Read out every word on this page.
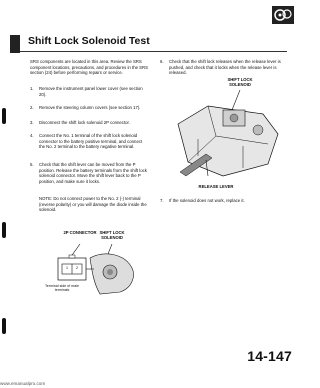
Shift Lock Solenoid Test
SRS components are located in this area. Review the SRS component locations, precautions, and procedures in the SRS section (24) before performing repairs or service.
1. Remove the instrument panel lower cover (see section 20).
2. Remove the steering column covers (see section 17).
3. Disconnect the shift lock solenoid 2P connector.
4. Connect the No. 1 terminal of the shift lock solenoid connector to the battery positive terminal, and connect the No. 2 terminal to the battery negative terminal.
5. Check that the shift lever can be moved from the P position. Release the battery terminals from the shift lock solenoid connector. Move the shift lever back to the P position, and make sure it locks.
NOTE: Do not connect power to the No. 2 (-) terminal (reverse polarity) or you will damage the diode inside the solenoid.
2P CONNECTOR SHIFT LOCK SOLENOID
1	2
Terminal side of male terminals
6. Check that the shift lock releases when the release lever is pushed, and check that it locks when the release lever is released.
SHIFT LOCK SOLENOID
RELEASE LEVER
7. If the solenoid does not work, replace it.
14-147
www.emanualpro.com
